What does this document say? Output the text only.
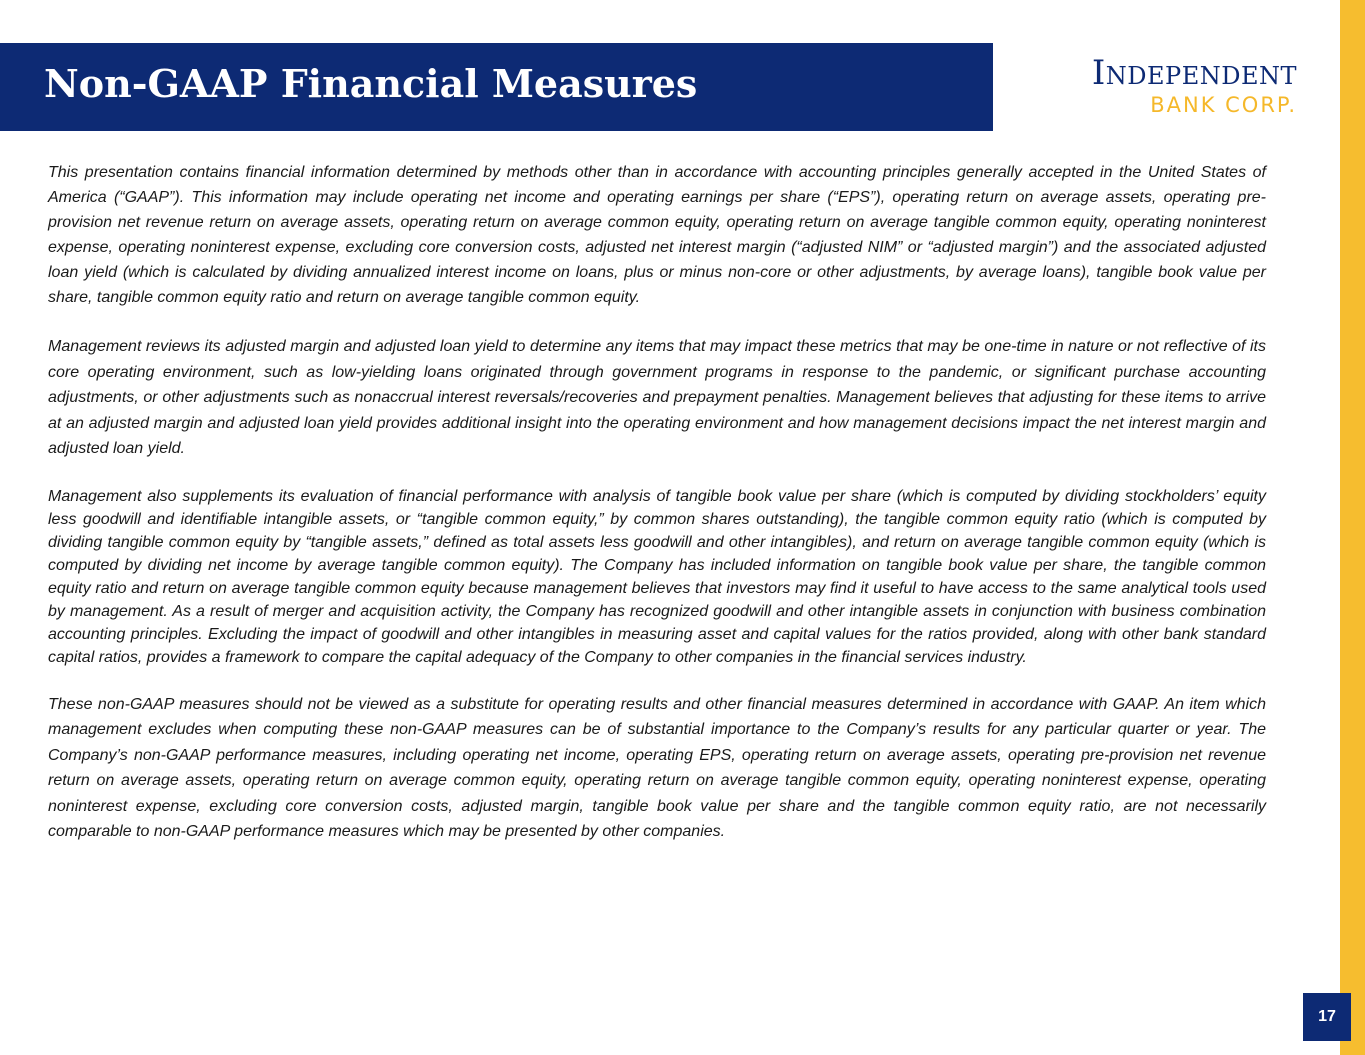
Non-GAAP Financial Measures	Independent
BANK CORP.

This presentation contains financial information determined by methods other than in accordance with accounting principles generally accepted in the United States of America (“GAAP”). This information may include operating net income and operating earnings per share (“EPS”), operating return on average assets, operating pre-provision net revenue return on average assets, operating return on average common equity, operating return on average tangible common equity, operating noninterest expense, operating noninterest expense, excluding core conversion costs, adjusted net interest margin (“adjusted NIM” or “adjusted margin”) and the associated adjusted loan yield (which is calculated by dividing annualized interest income on loans, plus or minus non-core or other adjustments, by average loans), tangible book value per share, tangible common equity ratio and return on average tangible common equity.

Management reviews its adjusted margin and adjusted loan yield to determine any items that may impact these metrics that may be one-time in nature or not reflective of its core operating environment, such as low-yielding loans originated through government programs in response to the pandemic, or significant purchase accounting adjustments, or other adjustments such as nonaccrual interest reversals/recoveries and prepayment penalties. Management believes that adjusting for these items to arrive at an adjusted margin and adjusted loan yield provides additional insight into the operating environment and how management decisions impact the net interest margin and adjusted loan yield.

Management also supplements its evaluation of financial performance with analysis of tangible book value per share (which is computed by dividing stockholders’ equity less goodwill and identifiable intangible assets, or “tangible common equity,” by common shares outstanding), the tangible common equity ratio (which is computed by dividing tangible common equity by “tangible assets,” defined as total assets less goodwill and other intangibles), and return on average tangible common equity (which is computed by dividing net income by average tangible common equity). The Company has included information on tangible book value per share, the tangible common equity ratio and return on average tangible common equity because management believes that investors may find it useful to have access to the same analytical tools used by management. As a result of merger and acquisition activity, the Company has recognized goodwill and other intangible assets in conjunction with business combination accounting principles. Excluding the impact of goodwill and other intangibles in measuring asset and capital values for the ratios provided, along with other bank standard capital ratios, provides a framework to compare the capital adequacy of the Company to other companies in the financial services industry.

These non-GAAP measures should not be viewed as a substitute for operating results and other financial measures determined in accordance with GAAP. An item which management excludes when computing these non-GAAP measures can be of substantial importance to the Company’s results for any particular quarter or year. The Company’s non-GAAP performance measures, including operating net income, operating EPS, operating return on average assets, operating pre-provision net revenue return on average assets, operating return on average common equity, operating return on average tangible common equity, operating noninterest expense, operating noninterest expense, excluding core conversion costs, adjusted margin, tangible book value per share and the tangible common equity ratio, are not necessarily comparable to non-GAAP performance measures which may be presented by other companies.

17
